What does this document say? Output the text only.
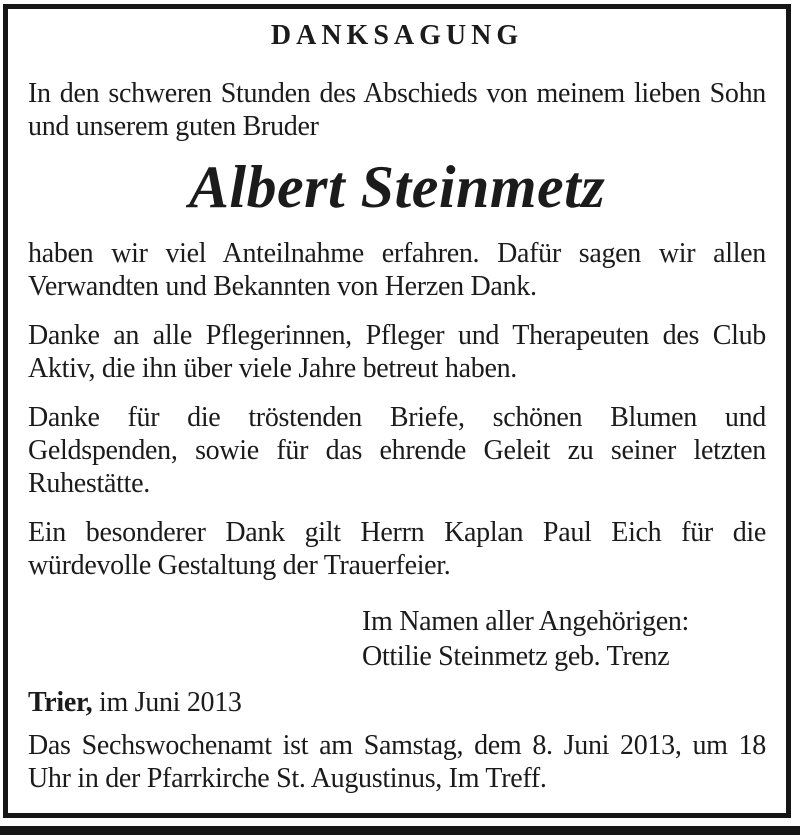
DANKSAGUNG

In den schweren Stunden des Abschieds von meinem lieben Sohn und unserem guten Bruder

Albert Steinmetz

haben wir viel Anteilnahme erfahren. Dafür sagen wir allen Verwandten und Bekannten von Herzen Dank.

Danke an alle Pflegerinnen, Pfleger und Therapeuten des Club Aktiv, die ihn über viele Jahre betreut haben.

Danke für die tröstenden Briefe, schönen Blumen und Geldspenden, sowie für das ehrende Geleit zu seiner letzten Ruhestätte.

Ein besonderer Dank gilt Herrn Kaplan Paul Eich für die würdevolle Gestaltung der Trauerfeier.

Im Namen aller Angehörigen:
Ottilie Steinmetz geb. Trenz

Trier, im Juni 2013

Das Sechswochenamt ist am Samstag, dem 8. Juni 2013, um 18 Uhr in der Pfarrkirche St. Augustinus, Im Treff.
